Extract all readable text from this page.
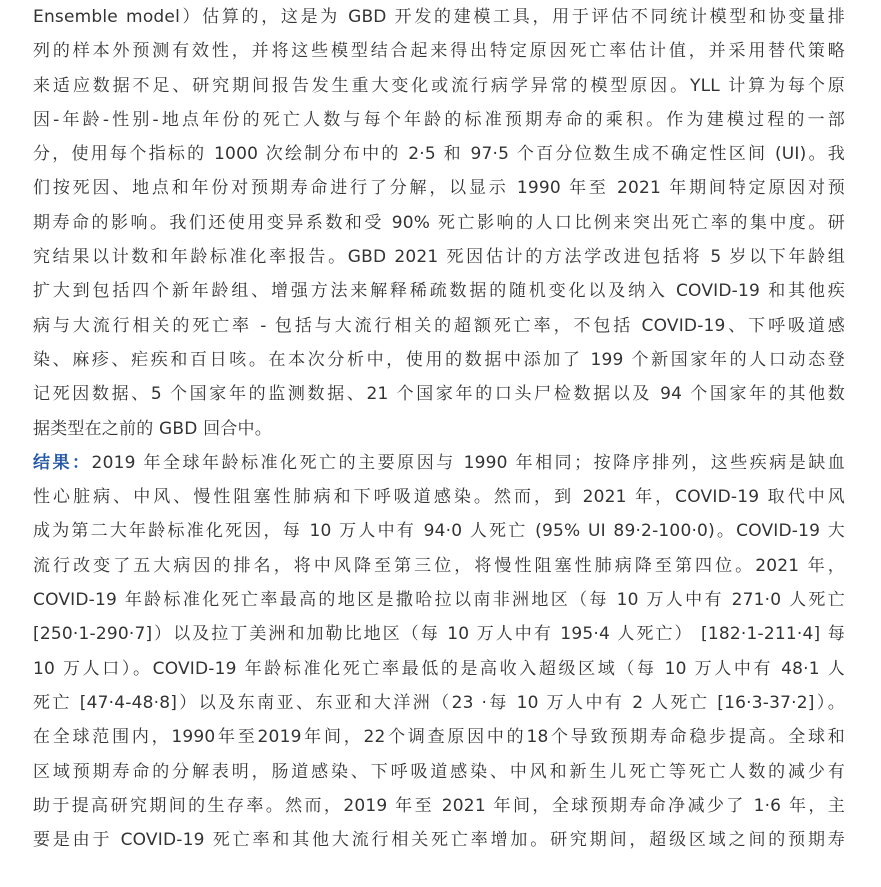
Ensemble model）估算的，这是为 GBD 开发的建模工具，用于评估不同统计模型和协变量排
列的样本外预测有效性，并将这些模型结合起来得出特定原因死亡率估计值，并采用替代策略
来适应数据不足、研究期间报告发生重大变化或流行病学异常的模型原因。YLL 计算为每个原
因-年龄-性别-地点年份的死亡人数与每个年龄的标准预期寿命的乘积。作为建模过程的一部
分，使用每个指标的 1000 次绘制分布中的 2·5 和 97·5 个百分位数生成不确定性区间 (UI)。我
们按死因、地点和年份对预期寿命进行了分解，以显示 1990 年至 2021 年期间特定原因对预
期寿命的影响。我们还使用变异系数和受 90% 死亡影响的人口比例来突出死亡率的集中度。研
究结果以计数和年龄标准化率报告。GBD 2021 死因估计的方法学改进包括将 5 岁以下年龄组
扩大到包括四个新年龄组、增强方法来解释稀疏数据的随机变化以及纳入 COVID-19 和其他疾
病与大流行相关的死亡率 - 包括与大流行相关的超额死亡率，不包括 COVID-19、下呼吸道感
染、麻疹、疟疾和百日咳。在本次分析中，使用的数据中添加了 199 个新国家年的人口动态登
记死因数据、5 个国家年的监测数据、21 个国家年的口头尸检数据以及 94 个国家年的其他数
据类型在之前的 GBD 回合中。
结果：2019 年全球年龄标准化死亡的主要原因与 1990 年相同；按降序排列，这些疾病是缺血
性心脏病、中风、慢性阻塞性肺病和下呼吸道感染。然而，到 2021 年，COVID-19 取代中风
成为第二大年龄标准化死因，每 10 万人中有 94·0 人死亡 (95% UI 89·2-100·0)。COVID-19 大
流行改变了五大病因的排名，将中风降至第三位，将慢性阻塞性肺病降至第四位。2021 年，
COVID-19 年龄标准化死亡率最高的地区是撒哈拉以南非洲地区（每 10 万人中有 271·0 人死亡
[250·1-290·7]）以及拉丁美洲和加勒比地区（每 10 万人中有 195·4 人死亡） [182·1-211·4] 每
10 万人口）。COVID-19 年龄标准化死亡率最低的是高收入超级区域（每 10 万人中有 48·1 人
死亡 [47·4-48·8]）以及东南亚、东亚和大洋洲（23 ·每 10 万人中有 2 人死亡 [16·3-37·2]）。
在全球范围内，1990年至2019年间，22个调查原因中的18个导致预期寿命稳步提高。全球和
区域预期寿命的分解表明，肠道感染、下呼吸道感染、中风和新生儿死亡等死亡人数的减少有
助于提高研究期间的生存率。然而，2019 年至 2021 年间，全球预期寿命净减少了 1·6 年，主
要是由于 COVID-19 死亡率和其他大流行相关死亡率增加。研究期间，超级区域之间的预期寿
